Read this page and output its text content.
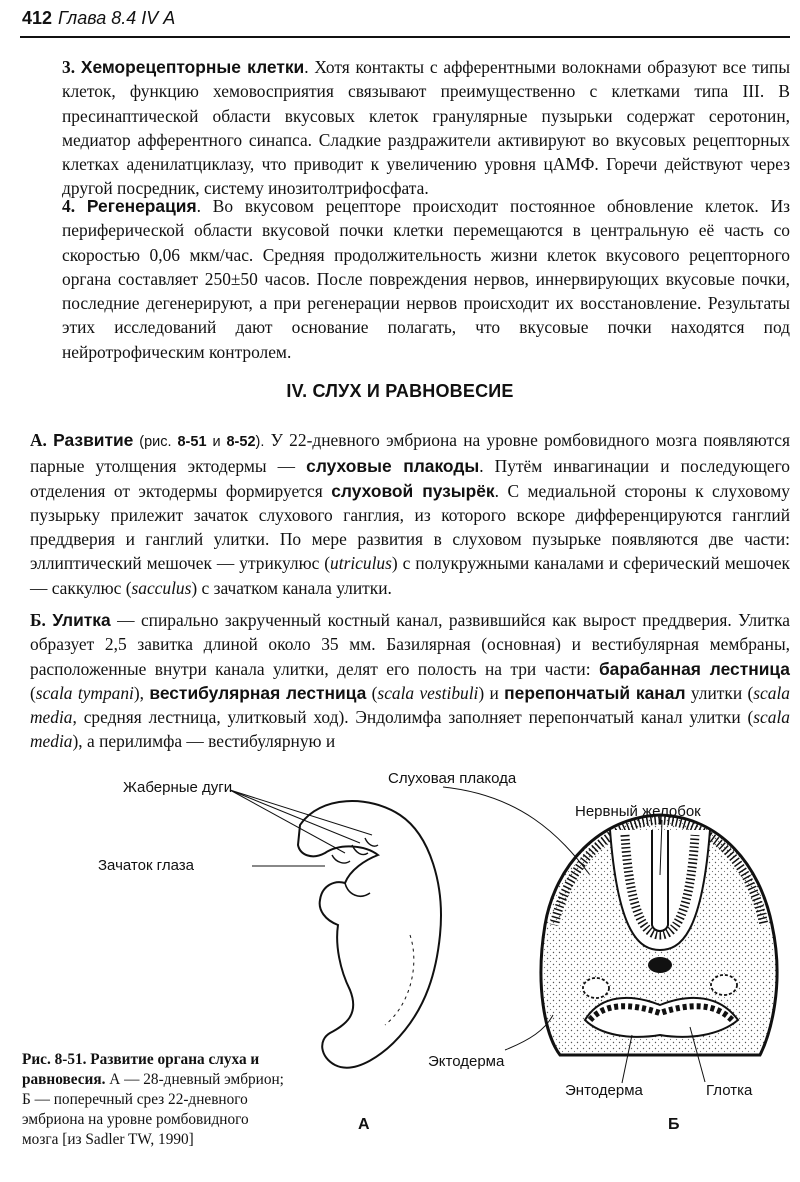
412 Глава 8.4 IV А
3. Хеморецепторные клетки. Хотя контакты с афферентными волокнами образуют все типы клеток, функцию хемовосприятия связывают преимущественно с клетками типа III. В пресинаптической области вкусовых клеток гранулярные пузырьки содержат серотонин, медиатор афферентного синапса. Сладкие раздражители активируют во вкусовых рецепторных клетках аденилатциклазу, что приводит к увеличению уровня цАМФ. Горечи действуют через другой посредник, систему инозитолтрифосфата.
4. Регенерация. Во вкусовом рецепторе происходит постоянное обновление клеток. Из периферической области вкусовой почки клетки перемещаются в центральную её часть со скоростью 0,06 мкм/час. Средняя продолжительность жизни клеток вкусового рецепторного органа составляет 250±50 часов. После повреждения нервов, иннервирующих вкусовые почки, последние дегенерируют, а при регенерации нервов происходит их восстановление. Результаты этих исследований дают основание полагать, что вкусовые почки находятся под нейротрофическим контролем.
IV. СЛУХ И РАВНОВЕСИЕ
А. Развитие (рис. 8-51 и 8-52). У 22-дневного эмбриона на уровне ромбовидного мозга появляются парные утолщения эктодермы — слуховые плакоды. Путём инвагинации и последующего отделения от эктодермы формируется слуховой пузырёк. С медиальной стороны к слуховому пузырьку прилежит зачаток слухового ганглия, из которого вскоре дифференцируются ганглий преддверия и ганглий улитки. По мере развития в слуховом пузырьке появляются две части: эллиптический мешочек — утрикулюс (utriculus) с полукружными каналами и сферический мешочек — саккулюс (sacculus) с зачатком канала улитки.
Б. Улитка — спирально закрученный костный канал, развившийся как вырост преддверия. Улитка образует 2,5 завитка длиной около 35 мм. Базилярная (основная) и вестибулярная мембраны, расположенные внутри канала улитки, делят его полость на три части: барабанная лестница (scala tympani), вестибулярная лестница (scala vestibuli) и перепончатый канал улитки (scala media, средняя лестница, улитковый ход). Эндолимфа заполняет перепончатый канал улитки (scala media), а перилимфа — вестибулярную и
Жаберные дуги
Зачаток глаза
Слуховая плакода
Нервный желобок
Эктодерма
Энтодерма	Глотка
А	Б
Рис. 8-51. Развитие органа слуха и равновесия. А — 28-дневный эмбрион; Б — поперечный срез 22-дневного эмбриона на уровне ромбовидного мозга [из Sadler TW, 1990]
